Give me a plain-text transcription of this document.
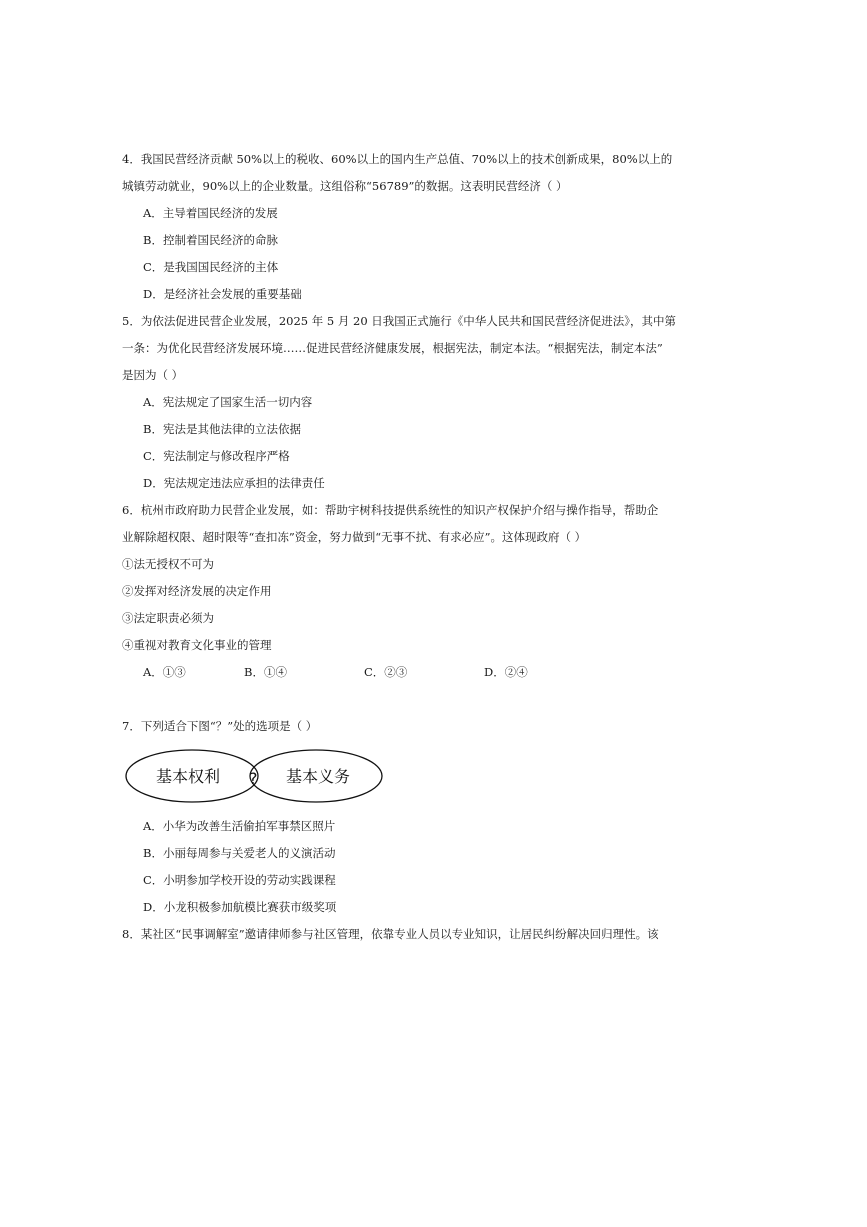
4．我国民营经济贡献 50%以上的税收、60%以上的国内生产总值、70%以上的技术创新成果，80%以上的
城镇劳动就业，90%以上的企业数量。这组俗称“56789”的数据。这表明民营经济（ ）
A．主导着国民经济的发展
B．控制着国民经济的命脉
C．是我国国民经济的主体
D．是经济社会发展的重要基础
5．为依法促进民营企业发展，2025 年 5 月 20 日我国正式施行《中华人民共和国民营经济促进法》，其中第
一条：为优化民营经济发展环境……促进民营经济健康发展，根据宪法，制定本法。“根据宪法，制定本法”
是因为（ ）
A．宪法规定了国家生活一切内容
B．宪法是其他法律的立法依据
C．宪法制定与修改程序严格
D．宪法规定违法应承担的法律责任
6．杭州市政府助力民营企业发展，如：帮助宇树科技提供系统性的知识产权保护介绍与操作指导，帮助企
业解除超权限、超时限等“查扣冻”资金，努力做到“无事不扰、有求必应”。这体现政府（ ）
①法无授权不可为
②发挥对经济发展的决定作用
③法定职责必须为
④重视对教育文化事业的管理
A．①③	B．①④	C．②③	D．②④
7．下列适合下图“？”处的选项是（ ）
基本权利 ? 基本义务
A．小华为改善生活偷拍军事禁区照片
B．小丽每周参与关爱老人的义演活动
C．小明参加学校开设的劳动实践课程
D．小龙积极参加航模比赛获市级奖项
8．某社区“民事调解室”邀请律师参与社区管理，依靠专业人员以专业知识，让居民纠纷解决回归理性。该
